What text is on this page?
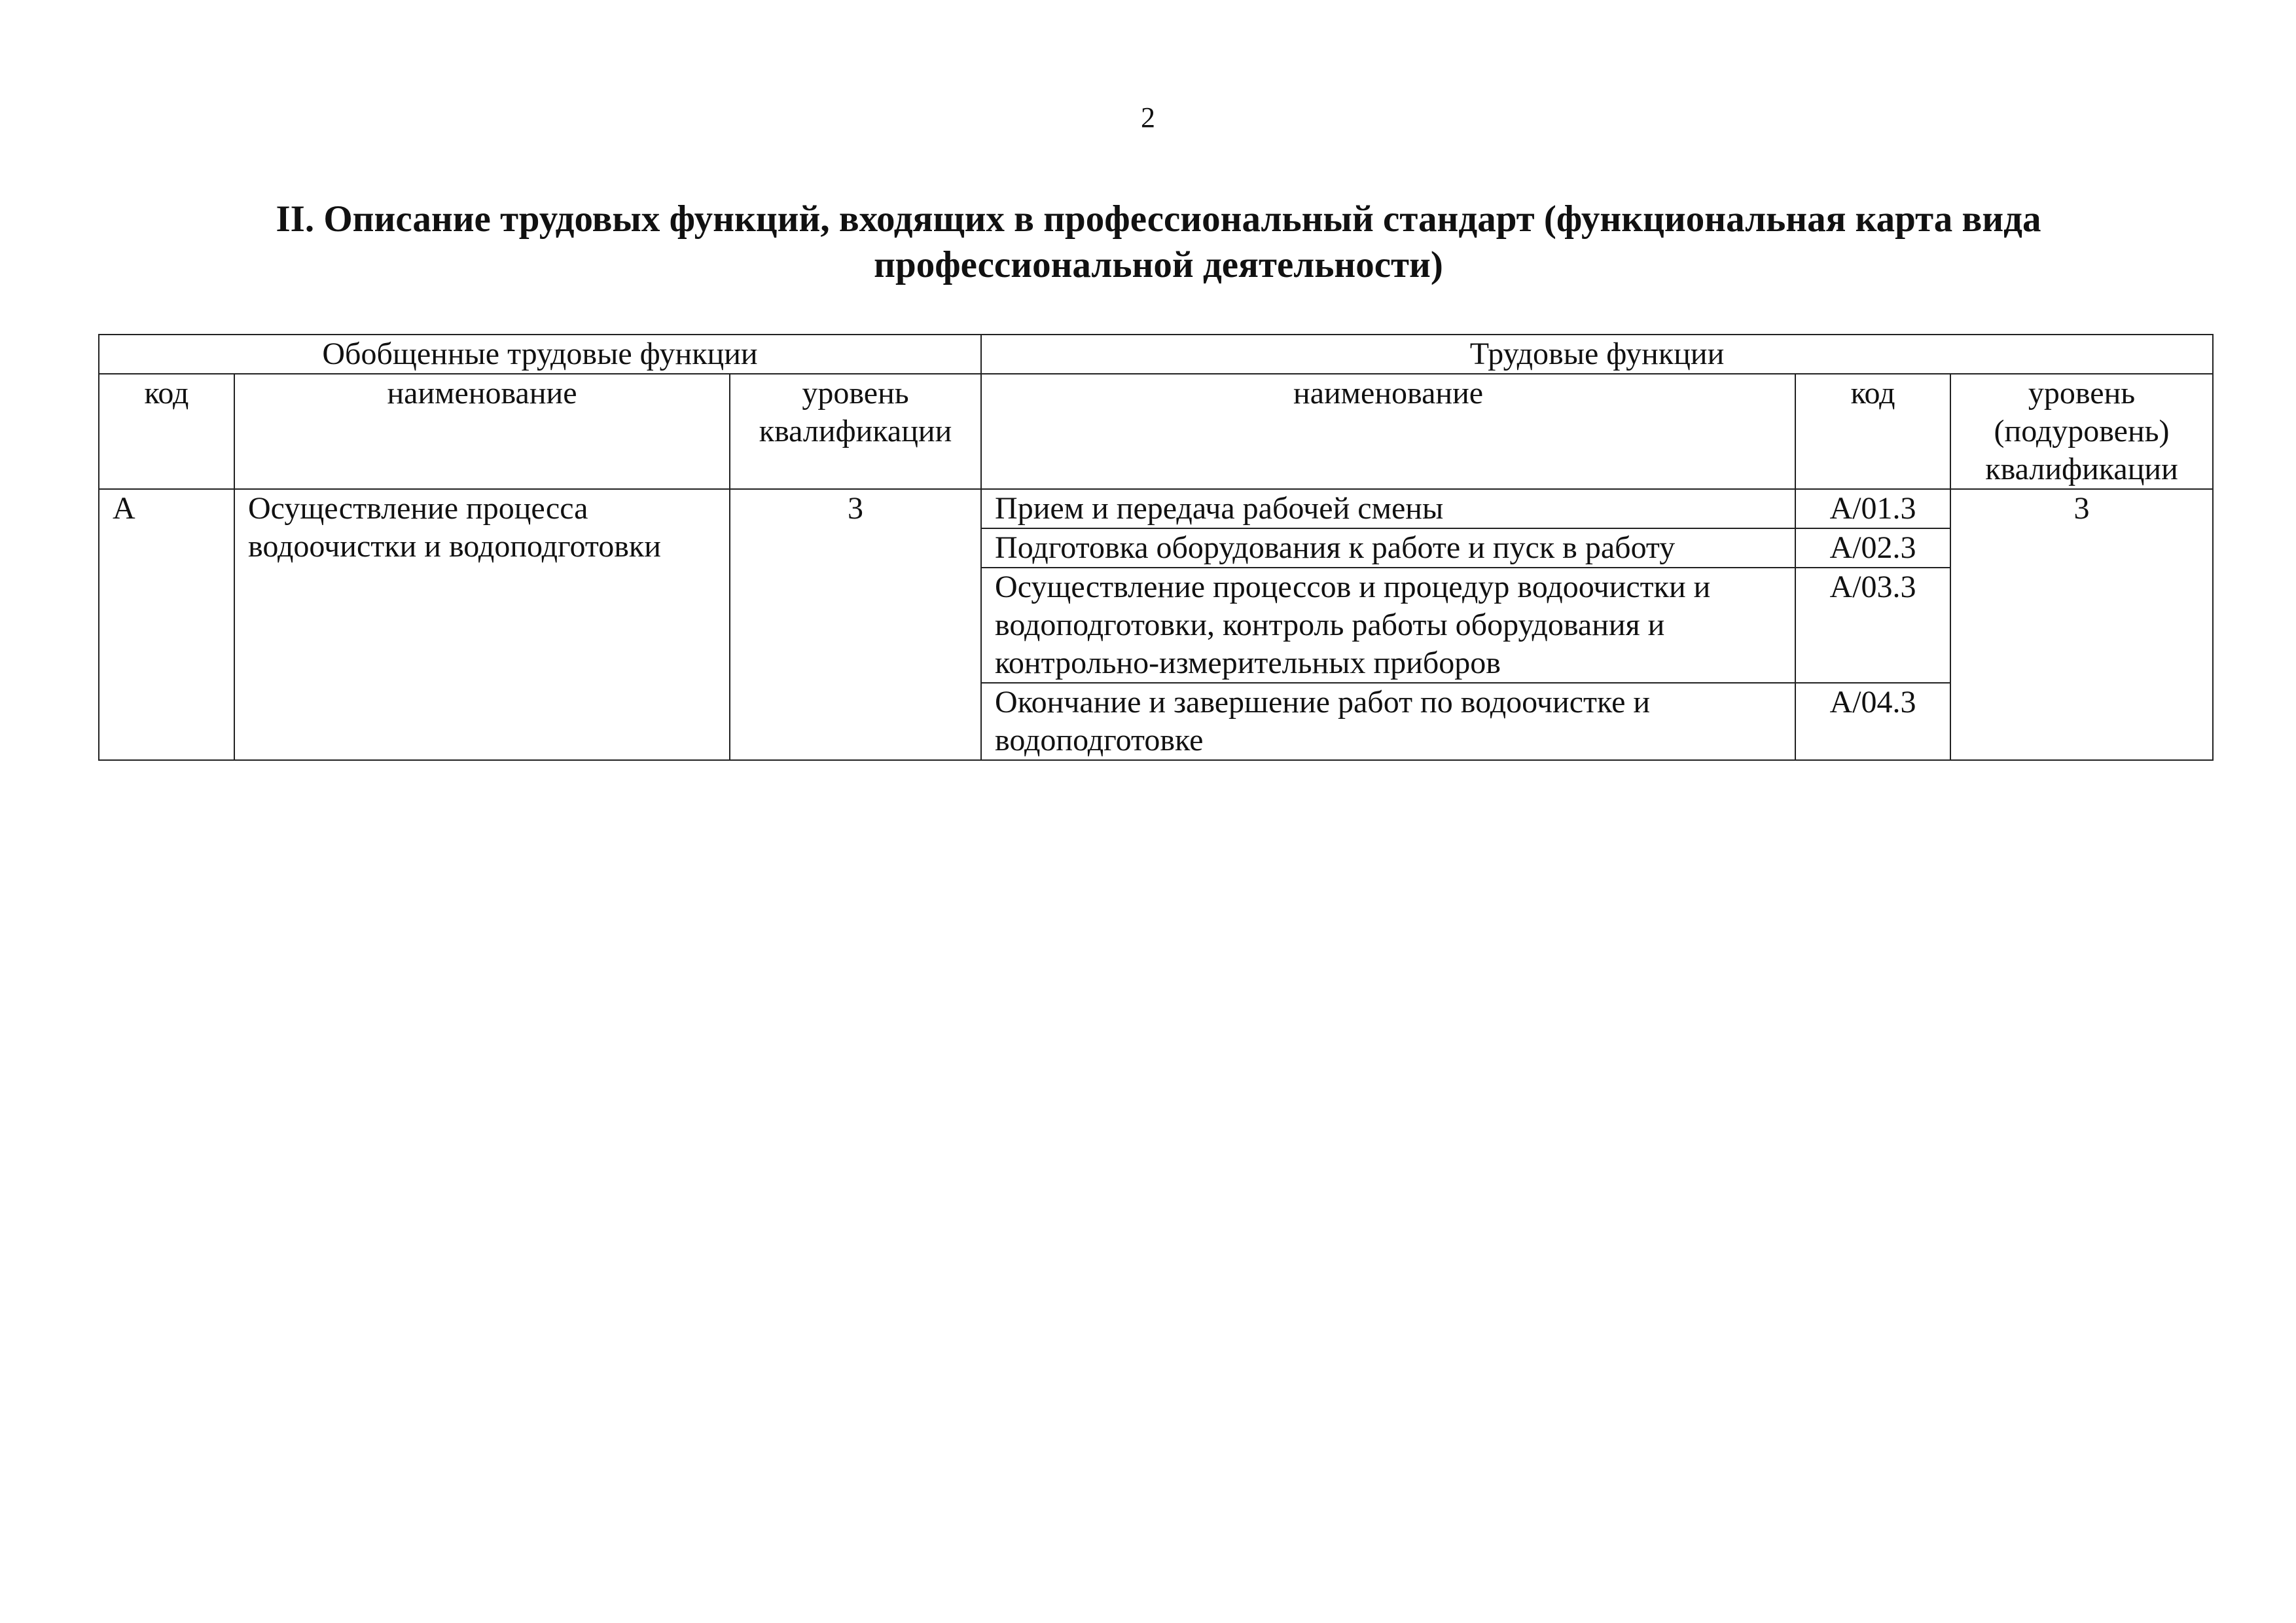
2
II. Описание трудовых функций, входящих в профессиональный стандарт (функциональная карта вида профессиональной деятельности)
Обобщенные трудовые функции			Трудовые функции		
код	наименование	уровень квалификации	наименование	код	уровень (подуровень) квалификации
А	Осуществление процесса водоочистки и водоподготовки	3	Прием и передача рабочей смены	А/01.3	3
			Подготовка оборудования к работе и пуск в работу	А/02.3	
			Осуществление процессов и процедур водоочистки и водоподготовки, контроль работы оборудования и контрольно-измерительных приборов	А/03.3	
			Окончание и завершение работ по водоочистке и водоподготовке	А/04.3	
